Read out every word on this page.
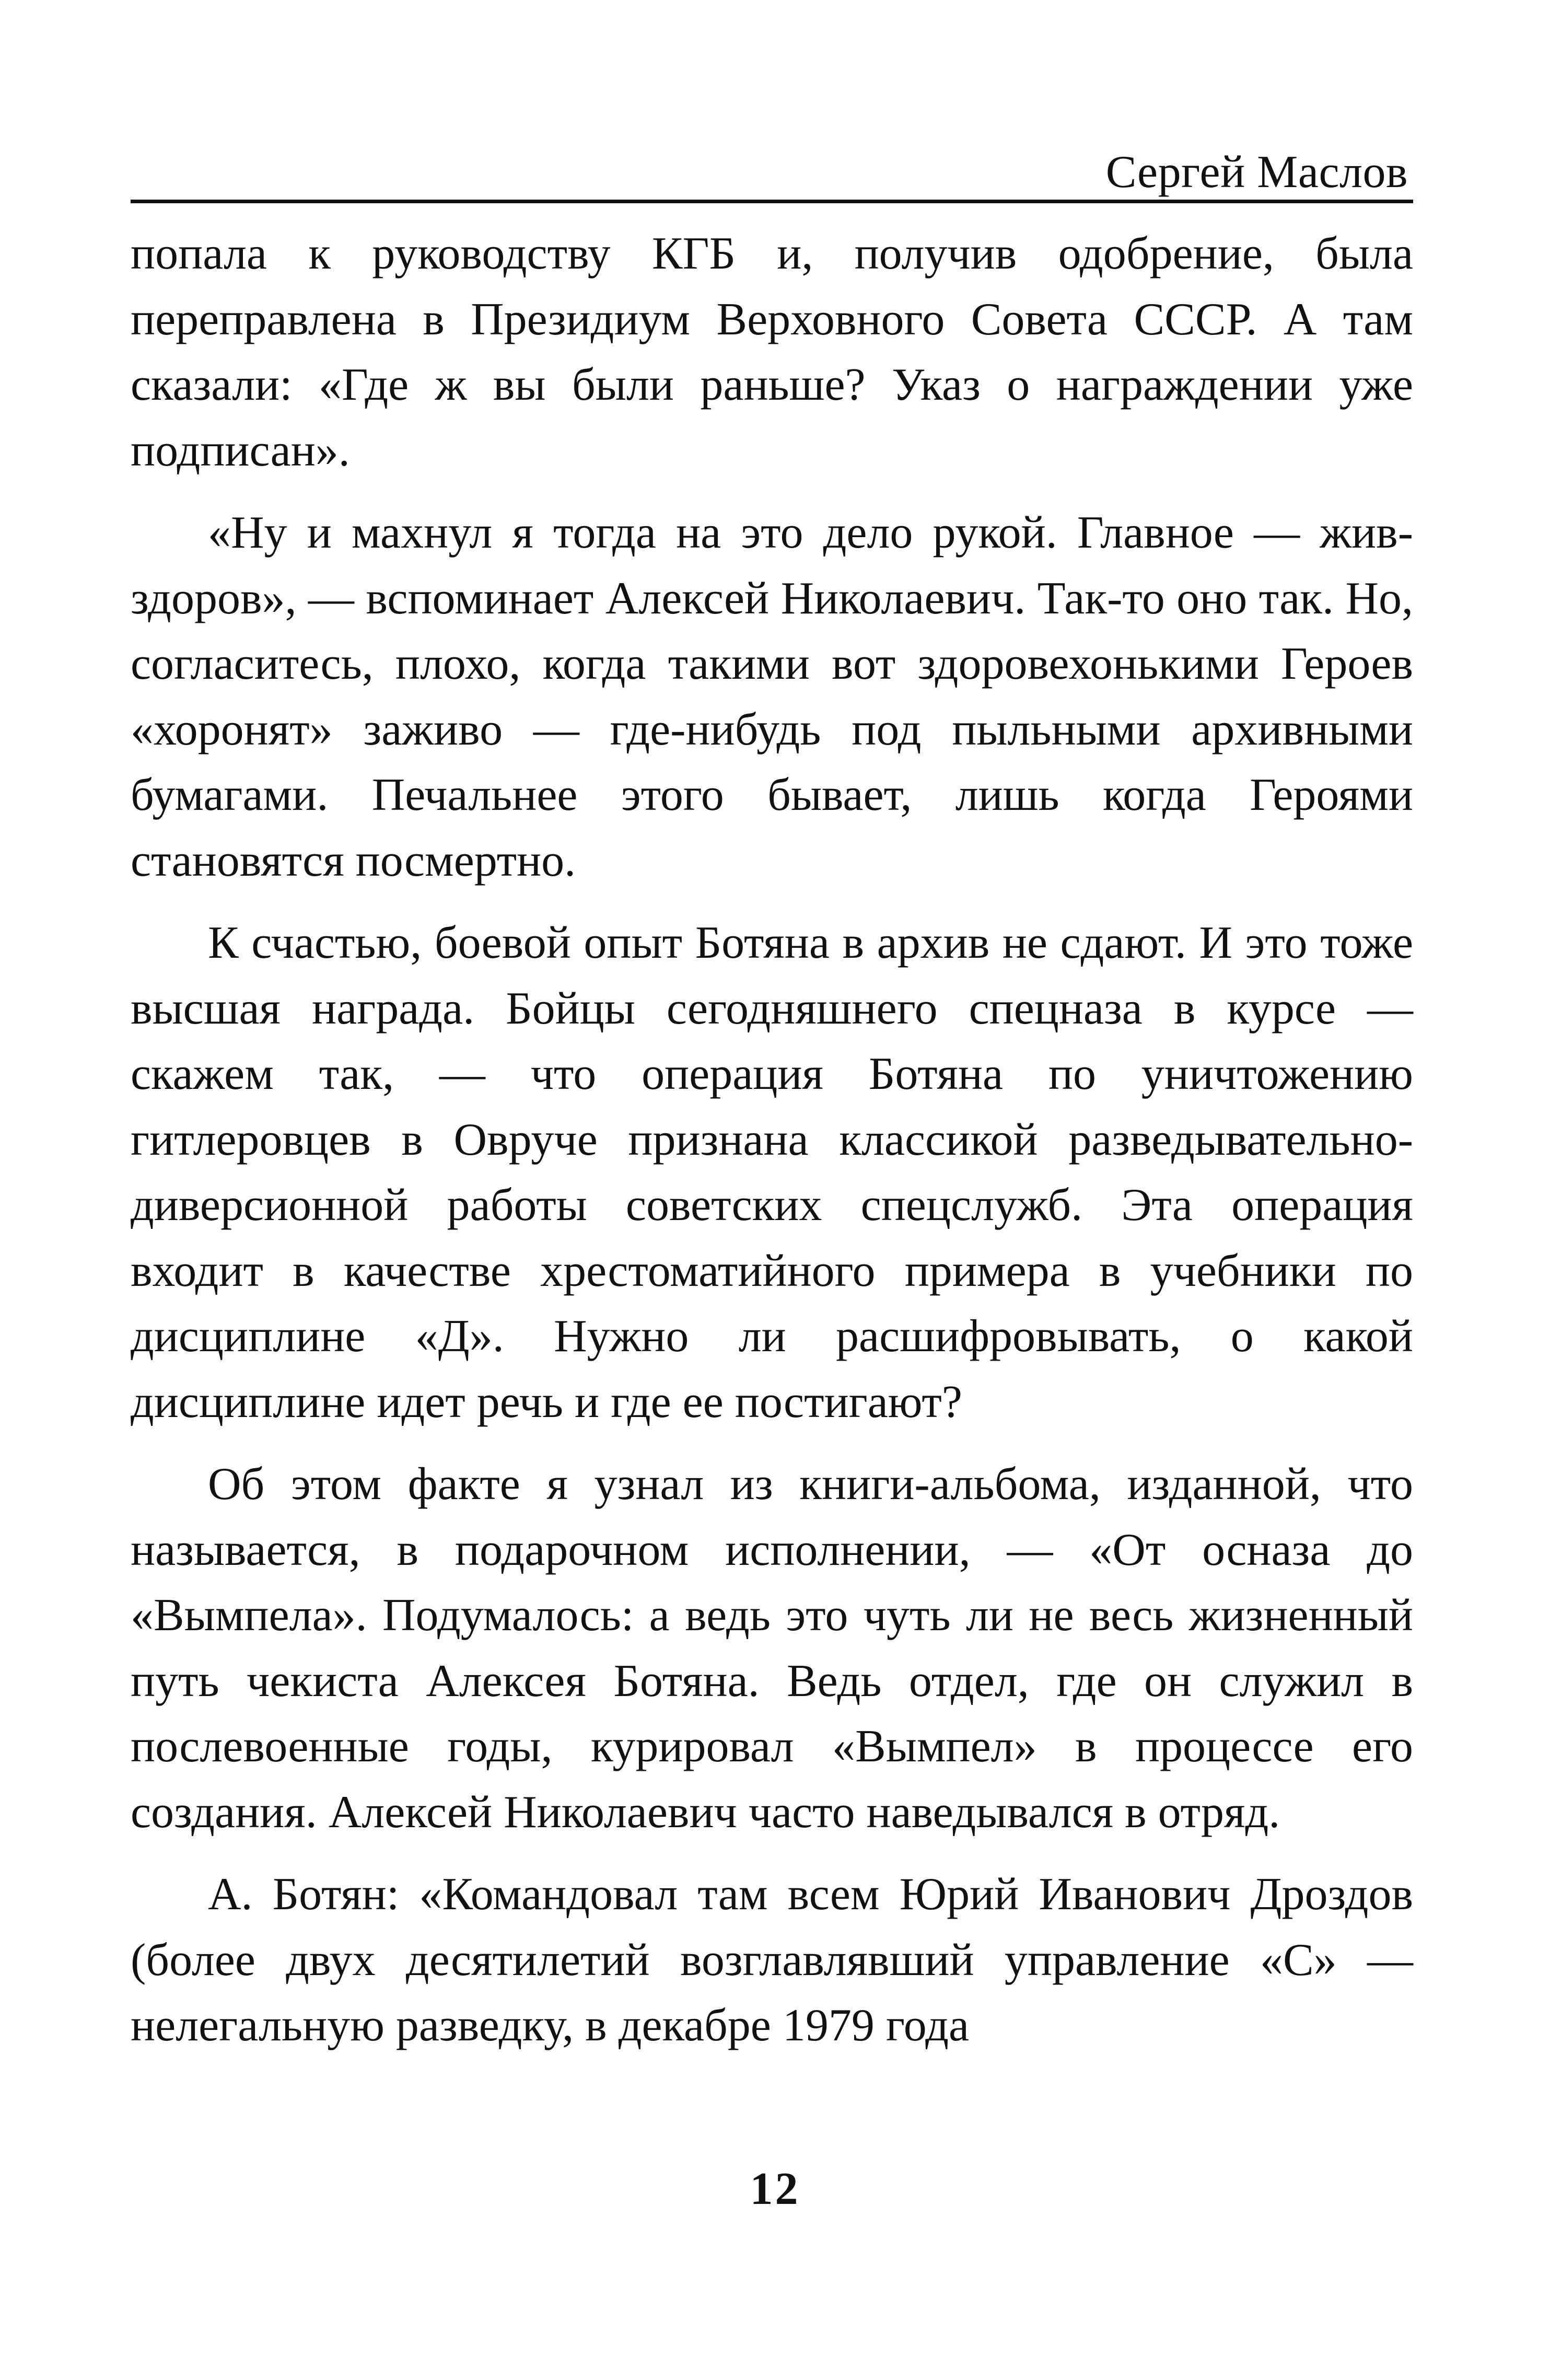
Сергей Маслов

попала к руководству КГБ и, получив одобрение, была переправлена в Президиум Верховного Совета СССР. А там сказали: «Где ж вы были раньше? Указ о награждении уже подписан».

«Ну и махнул я тогда на это дело рукой. Главное — жив-здоров», — вспоминает Алексей Николаевич. Так-то оно так. Но, согласитесь, плохо, когда такими вот здоровехонькими Героев «хоронят» заживо — где-нибудь под пыльными архивными бумагами. Печальнее этого бывает, лишь когда Героями становятся посмертно.

К счастью, боевой опыт Ботяна в архив не сдают. И это тоже высшая награда. Бойцы сегодняшнего спецназа в курсе — скажем так, — что операция Ботяна по уничтожению гитлеровцев в Овруче признана классикой разведывательно-диверсионной работы советских спецслужб. Эта операция входит в качестве хрестоматийного примера в учебники по дисциплине «Д». Нужно ли расшифровывать, о какой дисциплине идет речь и где ее постигают?

Об этом факте я узнал из книги-альбома, изданной, что называется, в подарочном исполнении, — «От осназа до «Вымпела». Подумалось: а ведь это чуть ли не весь жизненный путь чекиста Алексея Ботяна. Ведь отдел, где он служил в послевоенные годы, курировал «Вымпел» в процессе его создания. Алексей Николаевич часто наведывался в отряд.

А. Ботян: «Командовал там всем Юрий Иванович Дроздов (более двух десятилетий возглавлявший управление «С» — нелегальную разведку, в декабре 1979 года

12
